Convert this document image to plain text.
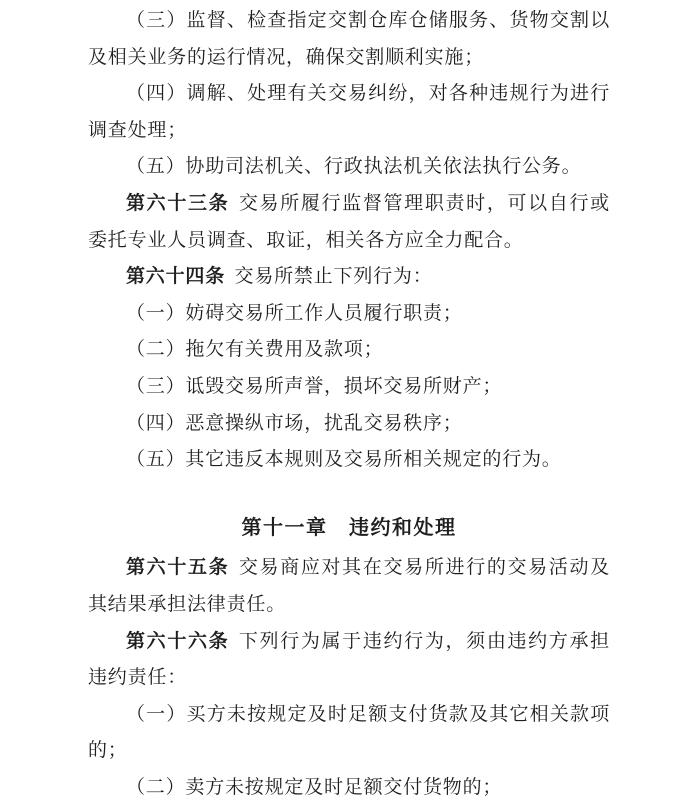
（三）监督、检查指定交割仓库仓储服务、货物交割以及相关业务的运行情况，确保交割顺利实施；

（四）调解、处理有关交易纠纷，对各种违规行为进行调查处理；

（五）协助司法机关、行政执法机关依法执行公务。

第六十三条 交易所履行监督管理职责时，可以自行或委托专业人员调查、取证，相关各方应全力配合。

第六十四条 交易所禁止下列行为：

（一）妨碍交易所工作人员履行职责；

（二）拖欠有关费用及款项；

（三）诋毁交易所声誉，损坏交易所财产；

（四）恶意操纵市场，扰乱交易秩序；

（五）其它违反本规则及交易所相关规定的行为。

第十一章　违约和处理

第六十五条 交易商应对其在交易所进行的交易活动及其结果承担法律责任。

第六十六条 下列行为属于违约行为，须由违约方承担违约责任：

（一）买方未按规定及时足额支付货款及其它相关款项的；

（二）卖方未按规定及时足额交付货物的；
